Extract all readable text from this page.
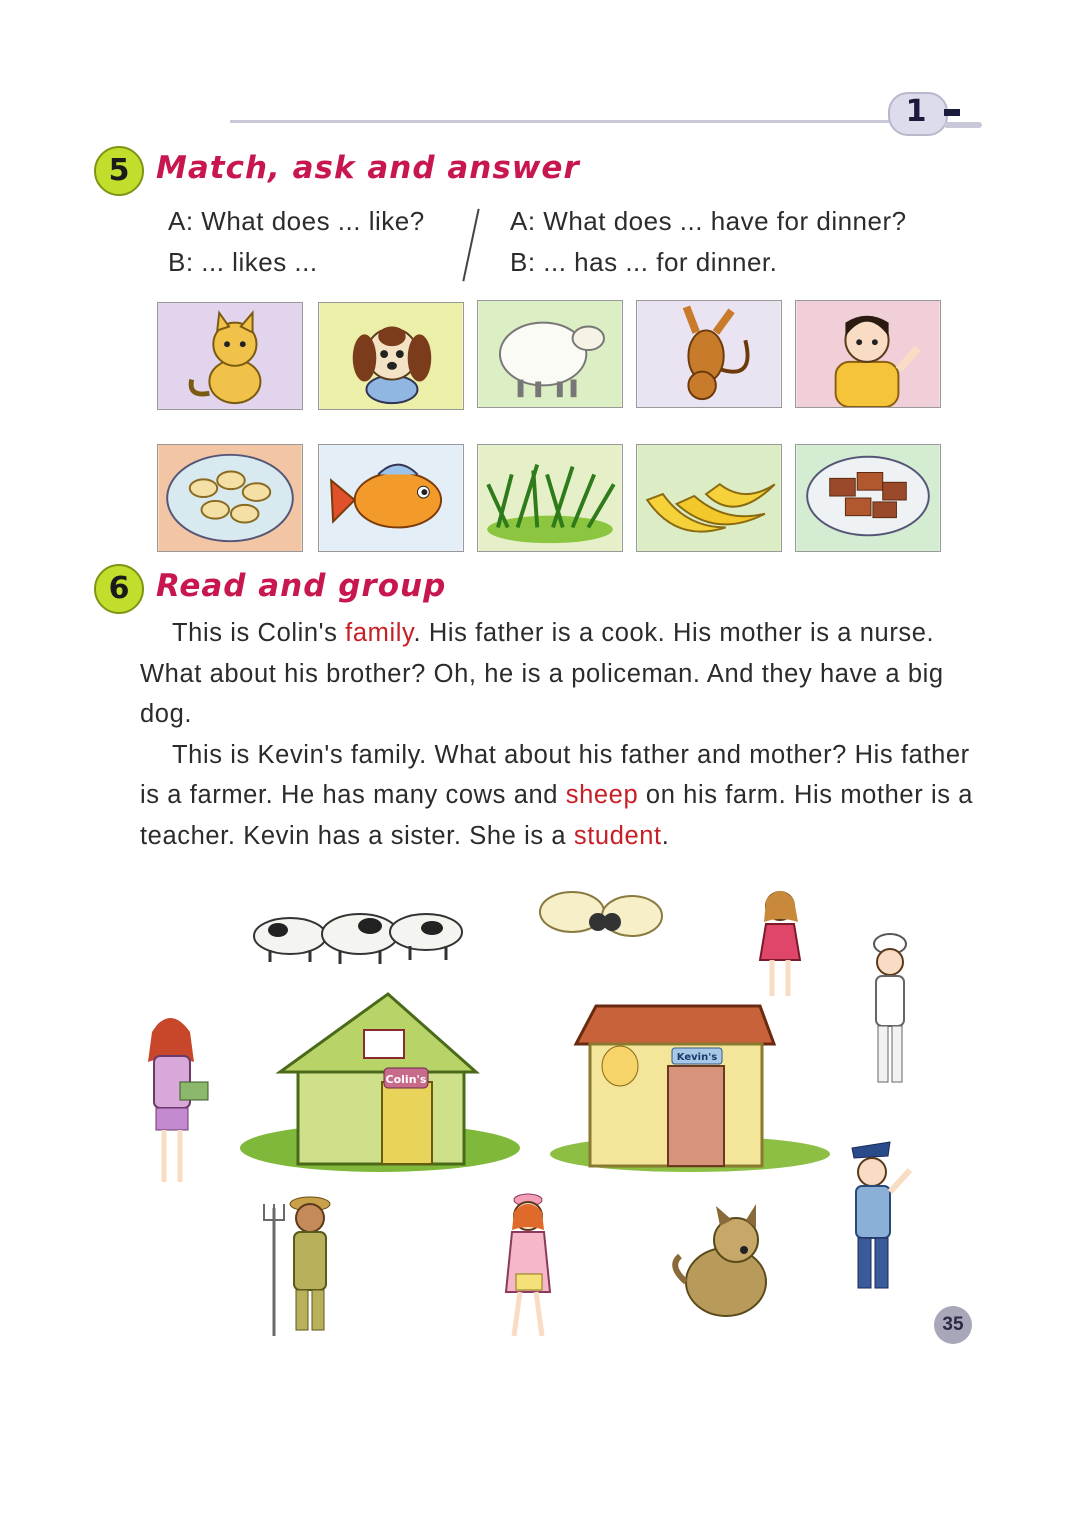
1
5 Match, ask and answer
A: What does ... like?
B: ... likes ...
A: What does ... have for dinner?
B: ... has ... for dinner.
6 Read and group

This is Colin's family. His father is a cook. His mother is a nurse. What about his brother? Oh, he is a policeman. And they have a big dog.

This is Kevin's family. What about his father and mother? His father is a farmer. He has many cows and sheep on his farm. His mother is a teacher. Kevin has a sister. She is a student.

Colin's
Kevin's
35
